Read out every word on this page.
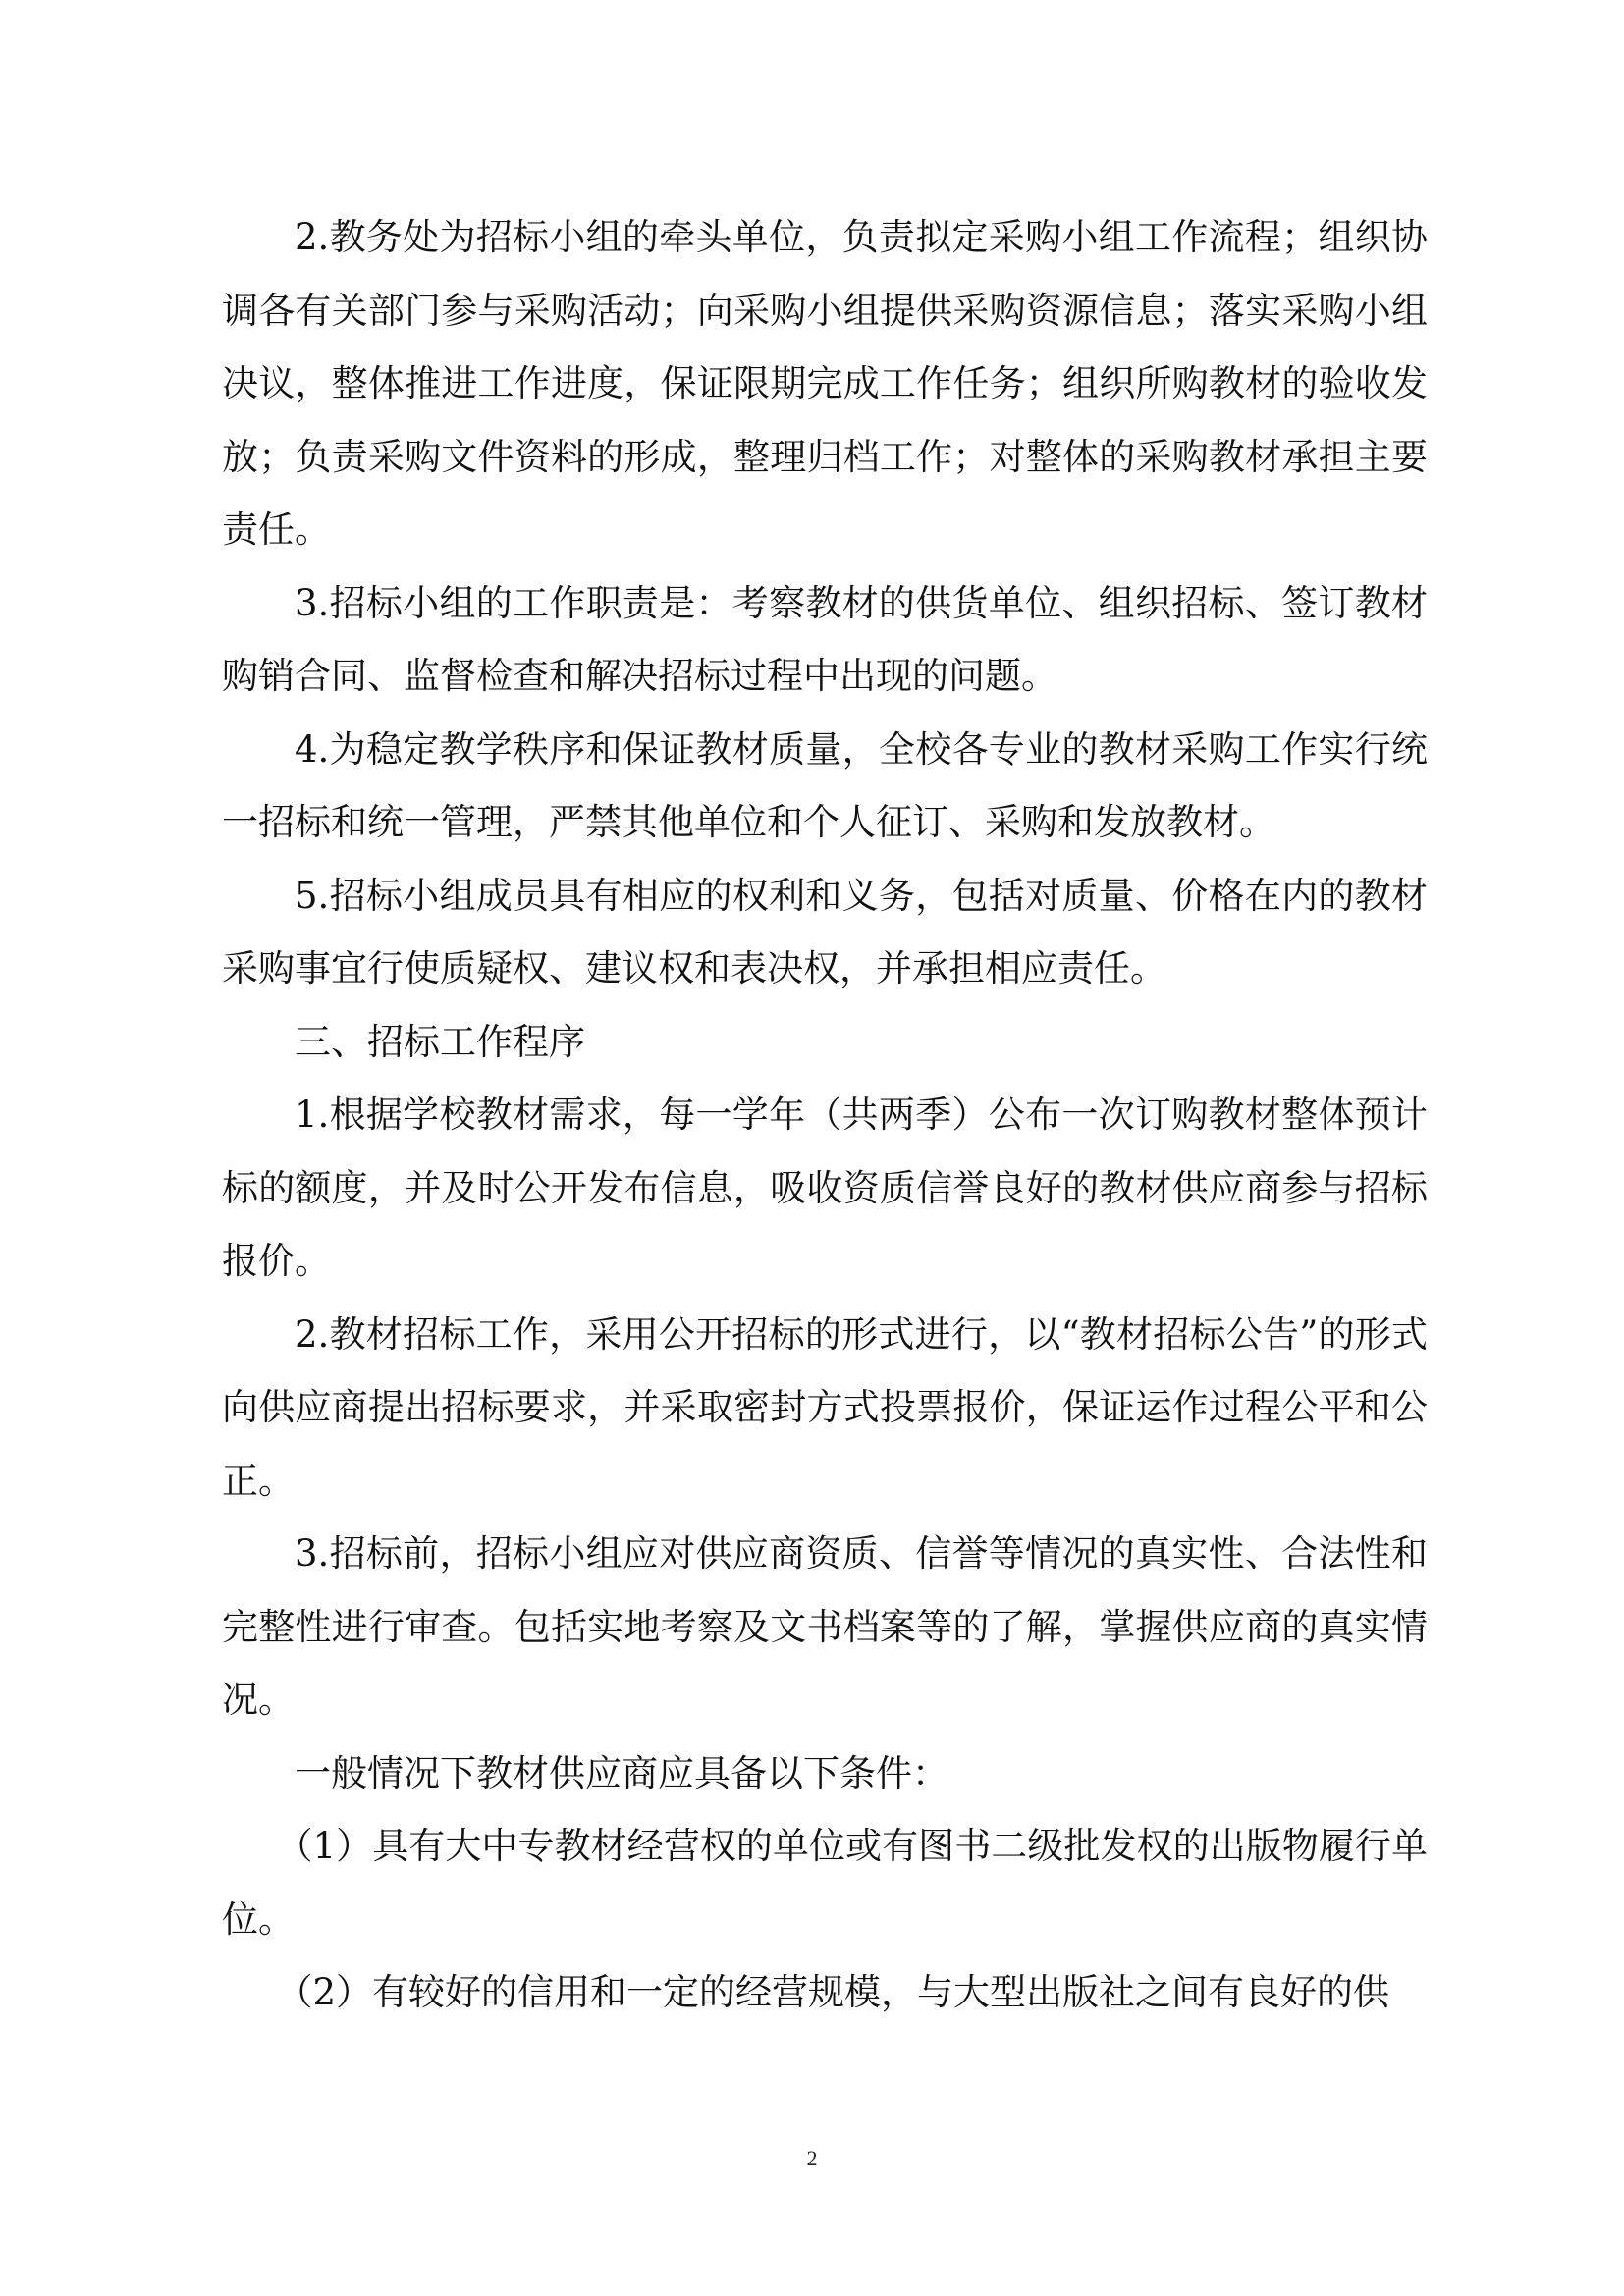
2.教务处为招标小组的牵头单位，负责拟定采购小组工作流程；组织协调各有关部门参与采购活动；向采购小组提供采购资源信息；落实采购小组决议，整体推进工作进度，保证限期完成工作任务；组织所购教材的验收发放；负责采购文件资料的形成，整理归档工作；对整体的采购教材承担主要责任。

3.招标小组的工作职责是：考察教材的供货单位、组织招标、签订教材购销合同、监督检查和解决招标过程中出现的问题。

4.为稳定教学秩序和保证教材质量，全校各专业的教材采购工作实行统一招标和统一管理，严禁其他单位和个人征订、采购和发放教材。

5.招标小组成员具有相应的权利和义务，包括对质量、价格在内的教材采购事宜行使质疑权、建议权和表决权，并承担相应责任。

三、招标工作程序

1.根据学校教材需求，每一学年（共两季）公布一次订购教材整体预计标的额度，并及时公开发布信息，吸收资质信誉良好的教材供应商参与招标报价。

2.教材招标工作，采用公开招标的形式进行，以“教材招标公告”的形式向供应商提出招标要求，并采取密封方式投票报价，保证运作过程公平和公正。

3.招标前，招标小组应对供应商资质、信誉等情况的真实性、合法性和完整性进行审查。包括实地考察及文书档案等的了解，掌握供应商的真实情况。

一般情况下教材供应商应具备以下条件：

（1）具有大中专教材经营权的单位或有图书二级批发权的出版物履行单位。

（2）有较好的信用和一定的经营规模，与大型出版社之间有良好的供

2
